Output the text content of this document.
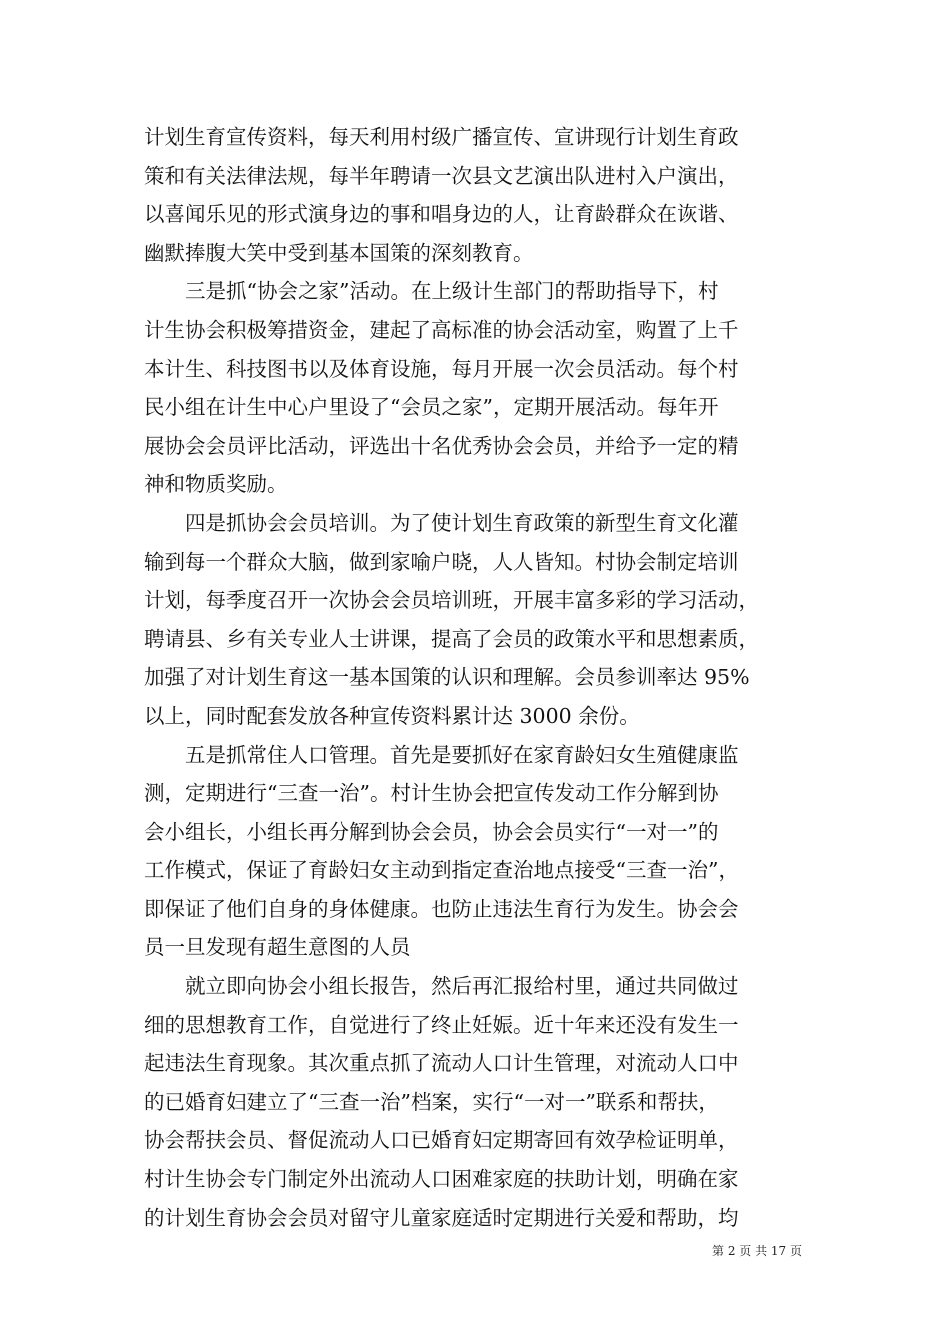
计划生育宣传资料，每天利用村级广播宣传、宣讲现行计划生育政
策和有关法律法规，每半年聘请一次县文艺演出队进村入户演出，
以喜闻乐见的形式演身边的事和唱身边的人，让育龄群众在诙谐、
幽默捧腹大笑中受到基本国策的深刻教育。
　　三是抓“协会之家”活动。在上级计生部门的帮助指导下，村
计生协会积极筹措资金，建起了高标准的协会活动室，购置了上千
本计生、科技图书以及体育设施，每月开展一次会员活动。每个村
民小组在计生中心户里设了“会员之家”，定期开展活动。每年开
展协会会员评比活动，评选出十名优秀协会会员，并给予一定的精
神和物质奖励。
　　四是抓协会会员培训。为了使计划生育政策的新型生育文化灌
输到每一个群众大脑，做到家喻户晓，人人皆知。村协会制定培训
计划，每季度召开一次协会会员培训班，开展丰富多彩的学习活动，
聘请县、乡有关专业人士讲课，提高了会员的政策水平和思想素质，
加强了对计划生育这一基本国策的认识和理解。会员参训率达 95%
以上，同时配套发放各种宣传资料累计达 3000 余份。
　　五是抓常住人口管理。首先是要抓好在家育龄妇女生殖健康监
测，定期进行“三查一治”。村计生协会把宣传发动工作分解到协
会小组长，小组长再分解到协会会员，协会会员实行“一对一”的
工作模式，保证了育龄妇女主动到指定查治地点接受“三查一治”，
即保证了他们自身的身体健康。也防止违法生育行为发生。协会会
员一旦发现有超生意图的人员
　　就立即向协会小组长报告，然后再汇报给村里，通过共同做过
细的思想教育工作，自觉进行了终止妊娠。近十年来还没有发生一
起违法生育现象。其次重点抓了流动人口计生管理，对流动人口中
的已婚育妇建立了“三查一治”档案，实行“一对一”联系和帮扶，
协会帮扶会员、督促流动人口已婚育妇定期寄回有效孕检证明单，
村计生协会专门制定外出流动人口困难家庭的扶助计划，明确在家
的计划生育协会会员对留守儿童家庭适时定期进行关爱和帮助，均
第 2 页 共 17 页
